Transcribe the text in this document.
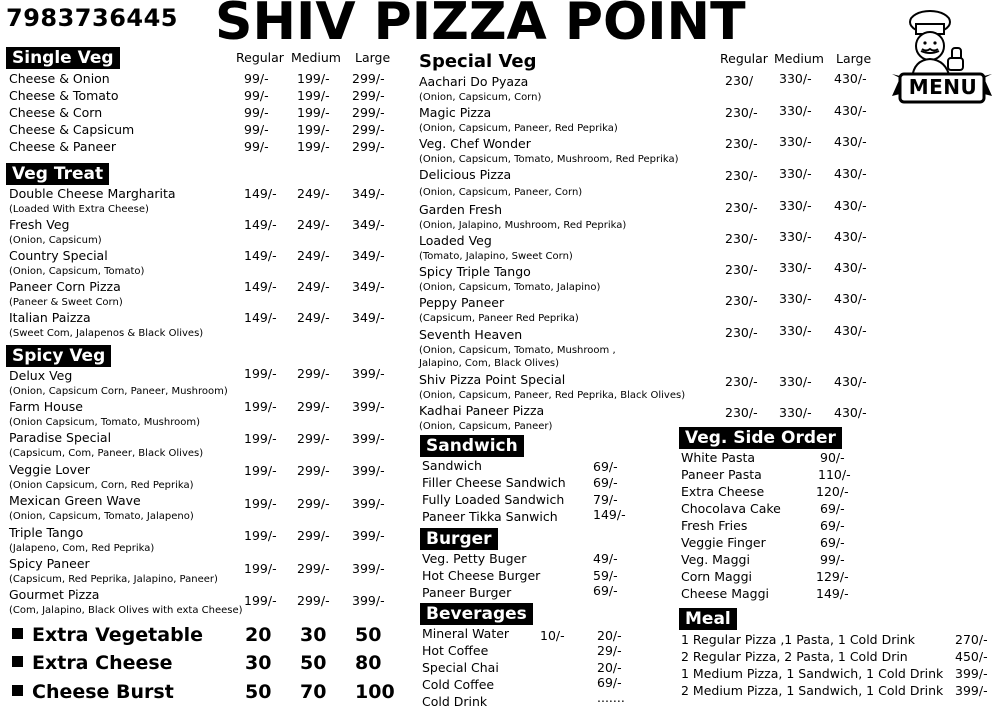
7983736445 SHIV PIZZA POINT
MENU
Single Veg	Regular Medium Large
Cheese & Onion	99/- 199/- 299/-
Cheese & Tomato	99/- 199/- 299/-
Cheese & Corn	99/- 199/- 299/-
Cheese & Capsicum	99/- 199/- 299/-
Cheese & Paneer	99/- 199/- 299/-
Veg Treat
Double Cheese Margharita
(Loaded With Extra Cheese)
149/- 249/- 349/-
Fresh Veg
(Onion, Capsicum)
149/- 249/- 349/-
Country Special
(Onion, Capsicum, Tomato)
149/- 249/- 349/-
Paneer Corn Pizza
(Paneer & Sweet Corn)
149/- 249/- 349/-
Italian Paizza
(Sweet Com, Jalapenos & Black Olives)
149/- 249/- 349/-
Spicy Veg
Delux Veg
(Onion, Capsicum Corn, Paneer, Mushroom)
199/- 299/- 399/-
Farm House
(Onion Capsicum, Tomato, Mushroom)
199/- 299/- 399/-
Paradise Special
(Capsicum, Com, Paneer, Black Olives)
199/- 299/- 399/-
Veggie Lover
(Onion Capsicum, Corn, Red Peprika)
199/- 299/- 399/-
Mexican Green Wave
(Onion, Capsicum, Tomato, Jalapeno)
199/- 299/- 399/-
Triple Tango
(Jalapeno, Com, Red Peprika)
199/- 299/- 399/-
Spicy Paneer
(Capsicum, Red Peprika, Jalapino, Paneer)
199/- 299/- 399/-
Gourmet Pizza
(Com, Jalapino, Black Olives with exta Cheese)
199/- 299/- 399/-
Extra Vegetable 20 30 50
Extra Cheese	30 50 80
Cheese Burst	50 70 100
Special Veg	Regular Medium Large
Aachari Do Pyaza
(Onion, Capsicum, Corn)
230/ 330/- 430/-
Magic Pizza
(Onion, Capsicum, Paneer, Red Peprika)
230/- 330/- 430/-
Veg. Chef Wonder
(Onion, Capsicum, Tomato, Mushroom, Red Peprika)
230/- 330/- 430/-
Delicious Pizza
(Onion, Capsicum, Paneer, Corn)
230/- 330/- 430/-
Garden Fresh
(Onion, Jalapino, Mushroom, Red Peprika)
230/- 330/- 430/-
Loaded Veg
(Tomato, Jalapino, Sweet Corn)
230/- 330/- 430/-
Spicy Triple Tango
(Onion, Capsicum, Tomato, Jalapino)
230/- 330/- 430/-
Peppy Paneer
(Capsicum, Paneer Red Peprika)
230/- 330/- 430/-
Seventh Heaven
(Onion, Capsicum, Tomato, Mushroom ,
Jalapino, Com, Black Olives)
230/- 330/- 430/-
Shiv Pizza Point Special
(Onion, Capsicum, Paneer, Red Peprika, Black Olives)
230/- 330/- 430/-
Kadhai Paneer Pizza
(Onion, Capsicum, Paneer)
230/- 330/- 430/-
Sandwich
Sandwich	69/-
Filler Cheese Sandwich 69/-
Fully Loaded Sandwich 79/-
Paneer Tikka Sanwich	149/-
Burger
Veg. Petty Buger	49/-
Hot Cheese Burger	59/-
Paneer Burger	69/-
Beverages
Mineral Water 10/-	20/-
Hot Coffee	29/-
Special Chai	20/-
Cold Coffee	69/-
Cold Drink	.......
Veg. Side Order
White Pasta	90/-
Paneer Pasta	110/-
Extra Cheese	120/-
Chocolava Cake	69/-
Fresh Fries	69/-
Veggie Finger	69/-
Veg. Maggi	99/-
Corn Maggi	129/-
Cheese Maggi	149/-
Meal
1 Regular Pizza ,1 Pasta, 1 Cold Drink	270/-
2 Regular Pizza, 2 Pasta, 1 Cold Drin	450/-
1 Medium Pizza, 1 Sandwich, 1 Cold Drink 399/-
2 Medium Pizza, 1 Sandwich, 1 Cold Drink 399/-
